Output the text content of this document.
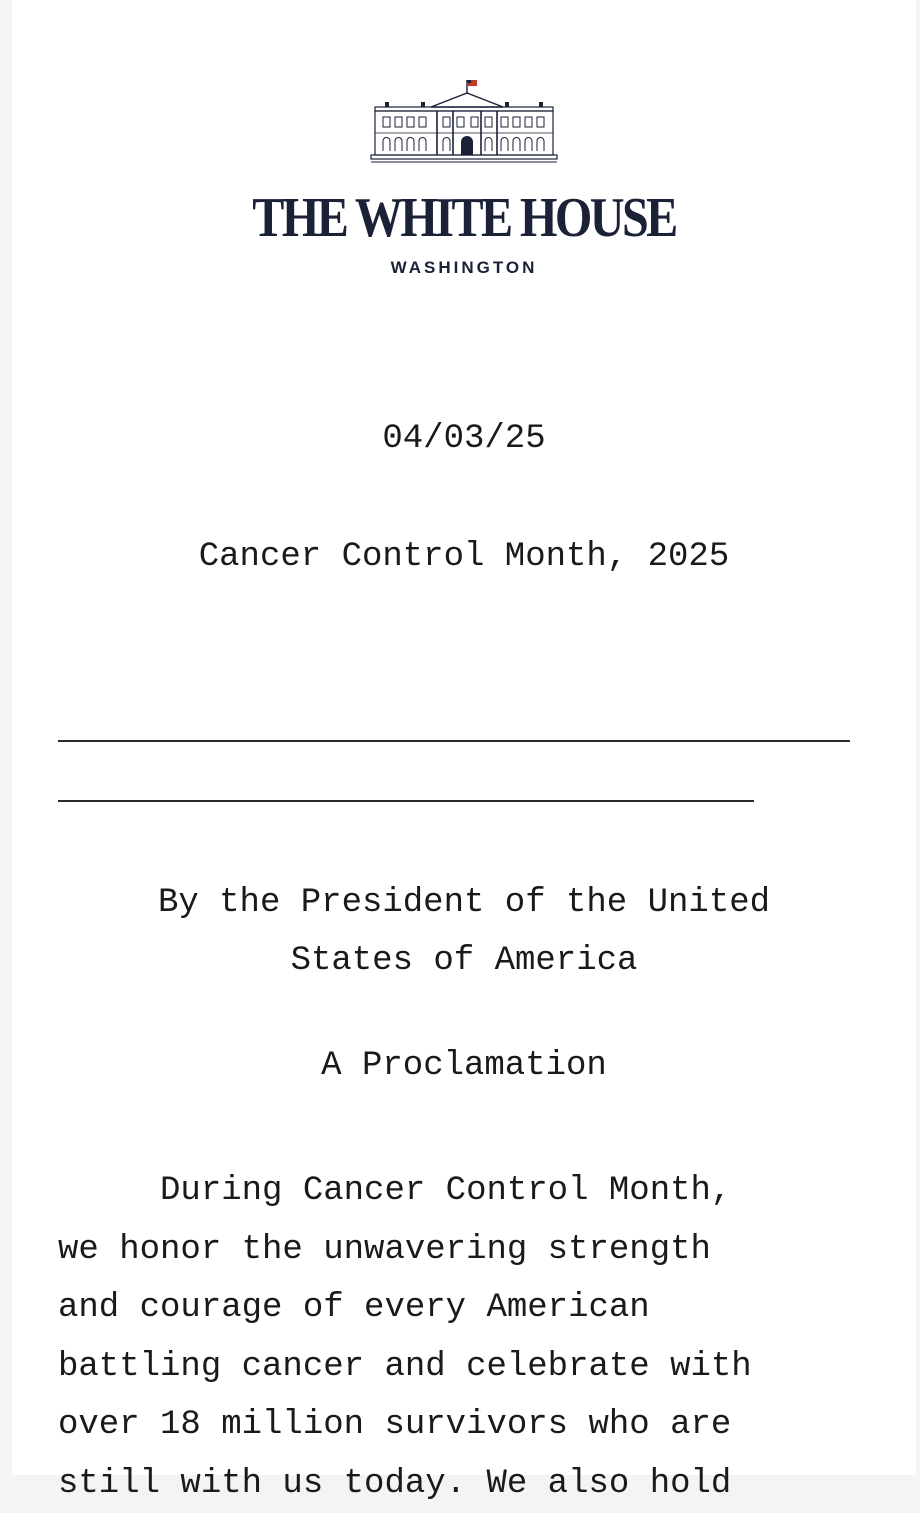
THE WHITE HOUSE
WASHINGTON
04/03/25
Cancer Control Month, 2025
By the President of the United
States of America
A Proclamation
During Cancer Control Month,
we honor the unwavering strength
and courage of every American
battling cancer and celebrate with
over 18 million survivors who are
still with us today. We also hold
